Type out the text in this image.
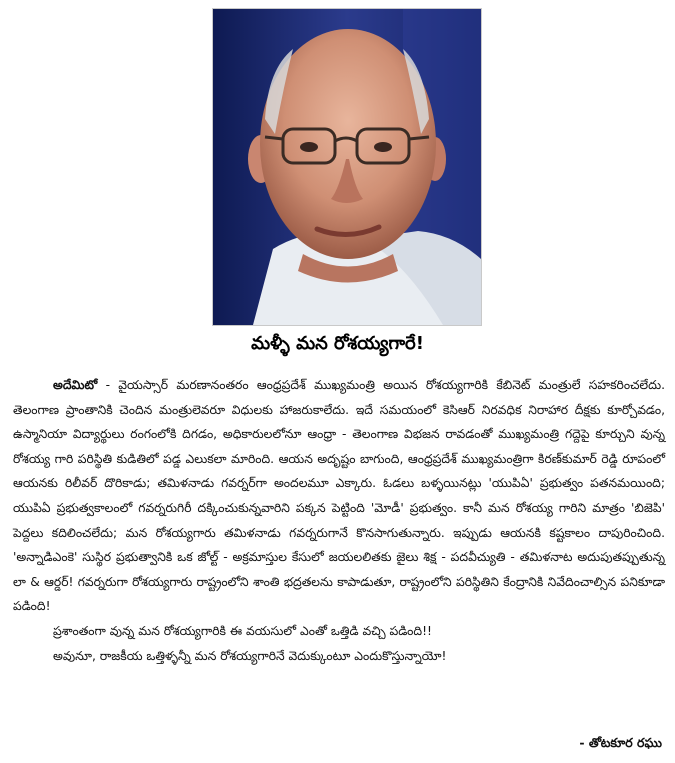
మళ్ళీ మన రోశయ్యగారే!

అదేమిటో - వైయస్సార్ మరణానంతరం ఆంధ్రప్రదేశ్ ముఖ్యమంత్రి అయిన రోశయ్యగారికి కేబినెట్ మంత్రులే సహకరించలేదు. తెలంగాణ ప్రాంతానికి చెందిన మంత్రులెవరూ విధులకు హాజరుకాలేదు. ఇదే సమయంలో కెసిఆర్ నిరవధిక నిరాహార దీక్షకు కూర్చోవడం, ఉస్మానియా విద్యార్థులు రంగంలోకి దిగడం, అధికారులలోనూ ఆంధ్రా - తెలంగాణ విభజన రావడంతో ముఖ్యమంత్రి గద్దెపై కూర్చుని వున్న రోశయ్య గారి పరిస్థితి కుడితిలో పడ్డ ఎలుకలా మారింది. ఆయన అదృష్టం బాగుంది, ఆంధ్రప్రదేశ్ ముఖ్యమంత్రిగా కిరణ్‌కుమార్ రెడ్డి రూపంలో ఆయనకు రిలీవర్ దొరికాడు; తమిళనాడు గవర్నర్‌గా అందలమూ ఎక్కారు. ఓడలు బళ్ళయినట్లు 'యుపిఏ' ప్రభుత్వం పతనమయింది; యుపిఏ ప్రభుత్వకాలంలో గవర్నరుగిరీ దక్కించుకున్నవారిని పక్కన పెట్టింది 'మోడీ' ప్రభుత్వం. కానీ మన రోశయ్య గారిని మాత్రం 'బిజెపి' పెద్దలు కదిలించలేదు; మన రోశయ్యగారు తమిళనాడు గవర్నరుగానే కొనసాగుతున్నారు. ఇప్పుడు ఆయనకి కష్టకాలం దాపురించింది. 'అన్నాడిఎంకె' సుస్థిర ప్రభుత్వానికి ఒక జోల్ట్ - అక్రమాస్తుల కేసులో జయలలితకు జైలు శిక్ష - పదవీచ్యుతి - తమిళనాట అదుపుతప్పుతున్న లా & ఆర్డర్! గవర్నరుగా రోశయ్యగారు రాష్ట్రంలోని శాంతి భద్రతలను కాపాడుతూ, రాష్ట్రంలోని పరిస్థితిని కేంద్రానికి నివేదించాల్సిన పనికూడా పడింది!

ప్రశాంతంగా వున్న మన రోశయ్యగారికి ఈ వయసులో ఎంతో ఒత్తిడి వచ్చి పడింది!!

అవునూ, రాజకీయ ఒత్తిళ్ళన్నీ మన రోశయ్యగారినే వెదుక్కుంటూ ఎందుకొస్తున్నాయో!

- తోటకూర రఘు
